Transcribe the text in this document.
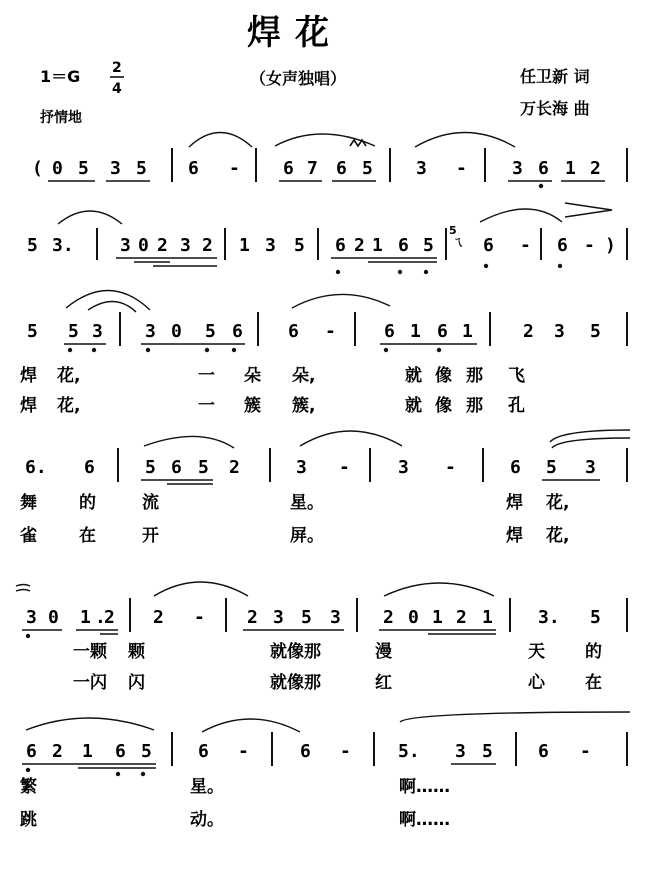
焊花
1＝G 2
4
（女声独唱）	任卫新 词
万长海 曲
抒情地
5
ㄟ
( 0 5 3 5 6 - 6 7 6 5 3 -	3 6 1 2
5 3.	3 0 2 3 2 1 3 5 6 2 1 6 5	6 - 6 - )
5 5 3 3 0 5 6	6 -	6 1 6 1	2 3 5
焊 花,	一 朵 朵,	就 像 那 飞
焊 花,	一 簇 簇,	就 像 那 孔
6. 6	5 6 5 2	3 -	3 -	6 5 3
舞 的	流	星。	焊 花,
雀 在	开	屏。	焊 花,
3 0 1 .
2 2 - 2 3 5 3 2 0 1 2 1	3. 5
一颗 颗	就像那	漫	天 的
一闪 闪	就像那	红	心 在
6 2 1 6 5	6 -	6 -	5. 3 5	6 -
繁	星。	啊……
跳	动。	啊……
